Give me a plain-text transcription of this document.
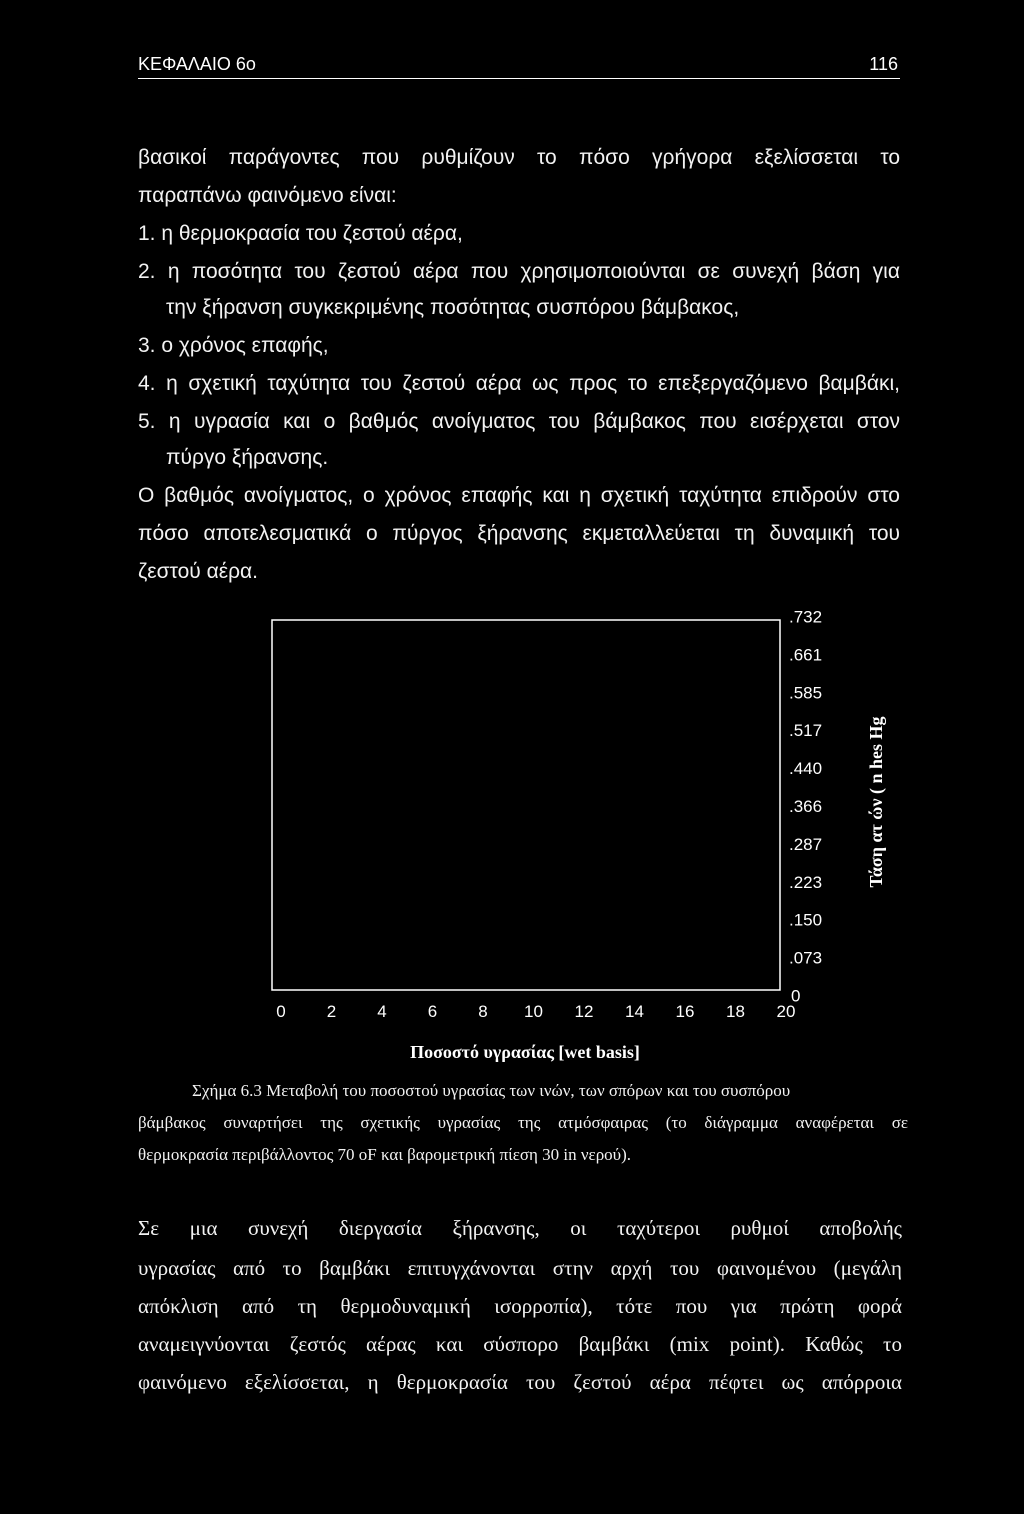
ΚΕΦΑΛΑΙΟ 6ο	116
βασικοί παράγοντες που ρυθμίζουν το πόσο γρήγορα εξελίσσεται το
παραπάνω φαινόμενο είναι:
1. η θερμοκρασία του ζεστού αέρα,
2. η ποσότητα του ζεστού αέρα που χρησιμοποιούνται σε συνεχή βάση για
την ξήρανση συγκεκριμένης ποσότητας συσπόρου βάμβακος,
3. ο χρόνος επαφής,
4. η σχετική ταχύτητα του ζεστού αέρα ως προς το επεξεργαζόμενο βαμβάκι,
5. η υγρασία και ο βαθμός ανοίγματος του βάμβακος που εισέρχεται στον
πύργο ξήρανσης.
Ο βαθμός ανοίγματος, ο χρόνος επαφής και η σχετική ταχύτητα επιδρούν στο
πόσο αποτελεσματικά ο πύργος ξήρανσης εκμεταλλεύεται τη δυναμική του
ζεστού αέρα.
0 2 4 6 8 10 12 14 16 18 20
0
.073
.150
.223
.287
.366
.440
.517
.585
.661
.732
Ποσοστό υγρασίας [wet basis]
Τάση ατ ών ( n hes Hg
Σχήμα 6.3 Μεταβολή του ποσοστού υγρασίας των ινών, των σπόρων και του συσπόρου
βάμβακος συναρτήσει της σχετικής υγρασίας της ατμόσφαιρας (το διάγραμμα αναφέρεται σε
θερμοκρασία περιβάλλοντος 70 οF και βαρομετρική πίεση 30 in νερού).
Σε μια συνεχή διεργασία ξήρανσης, οι ταχύτεροι ρυθμοί αποβολής
υγρασίας από το βαμβάκι επιτυγχάνονται στην αρχή του φαινομένου (μεγάλη
απόκλιση από τη θερμοδυναμική ισορροπία), τότε που για πρώτη φορά
αναμειγνύονται ζεστός αέρας και σύσπορο βαμβάκι (mix point). Καθώς το
φαινόμενο εξελίσσεται, η θερμοκρασία του ζεστού αέρα πέφτει ως απόρροια
